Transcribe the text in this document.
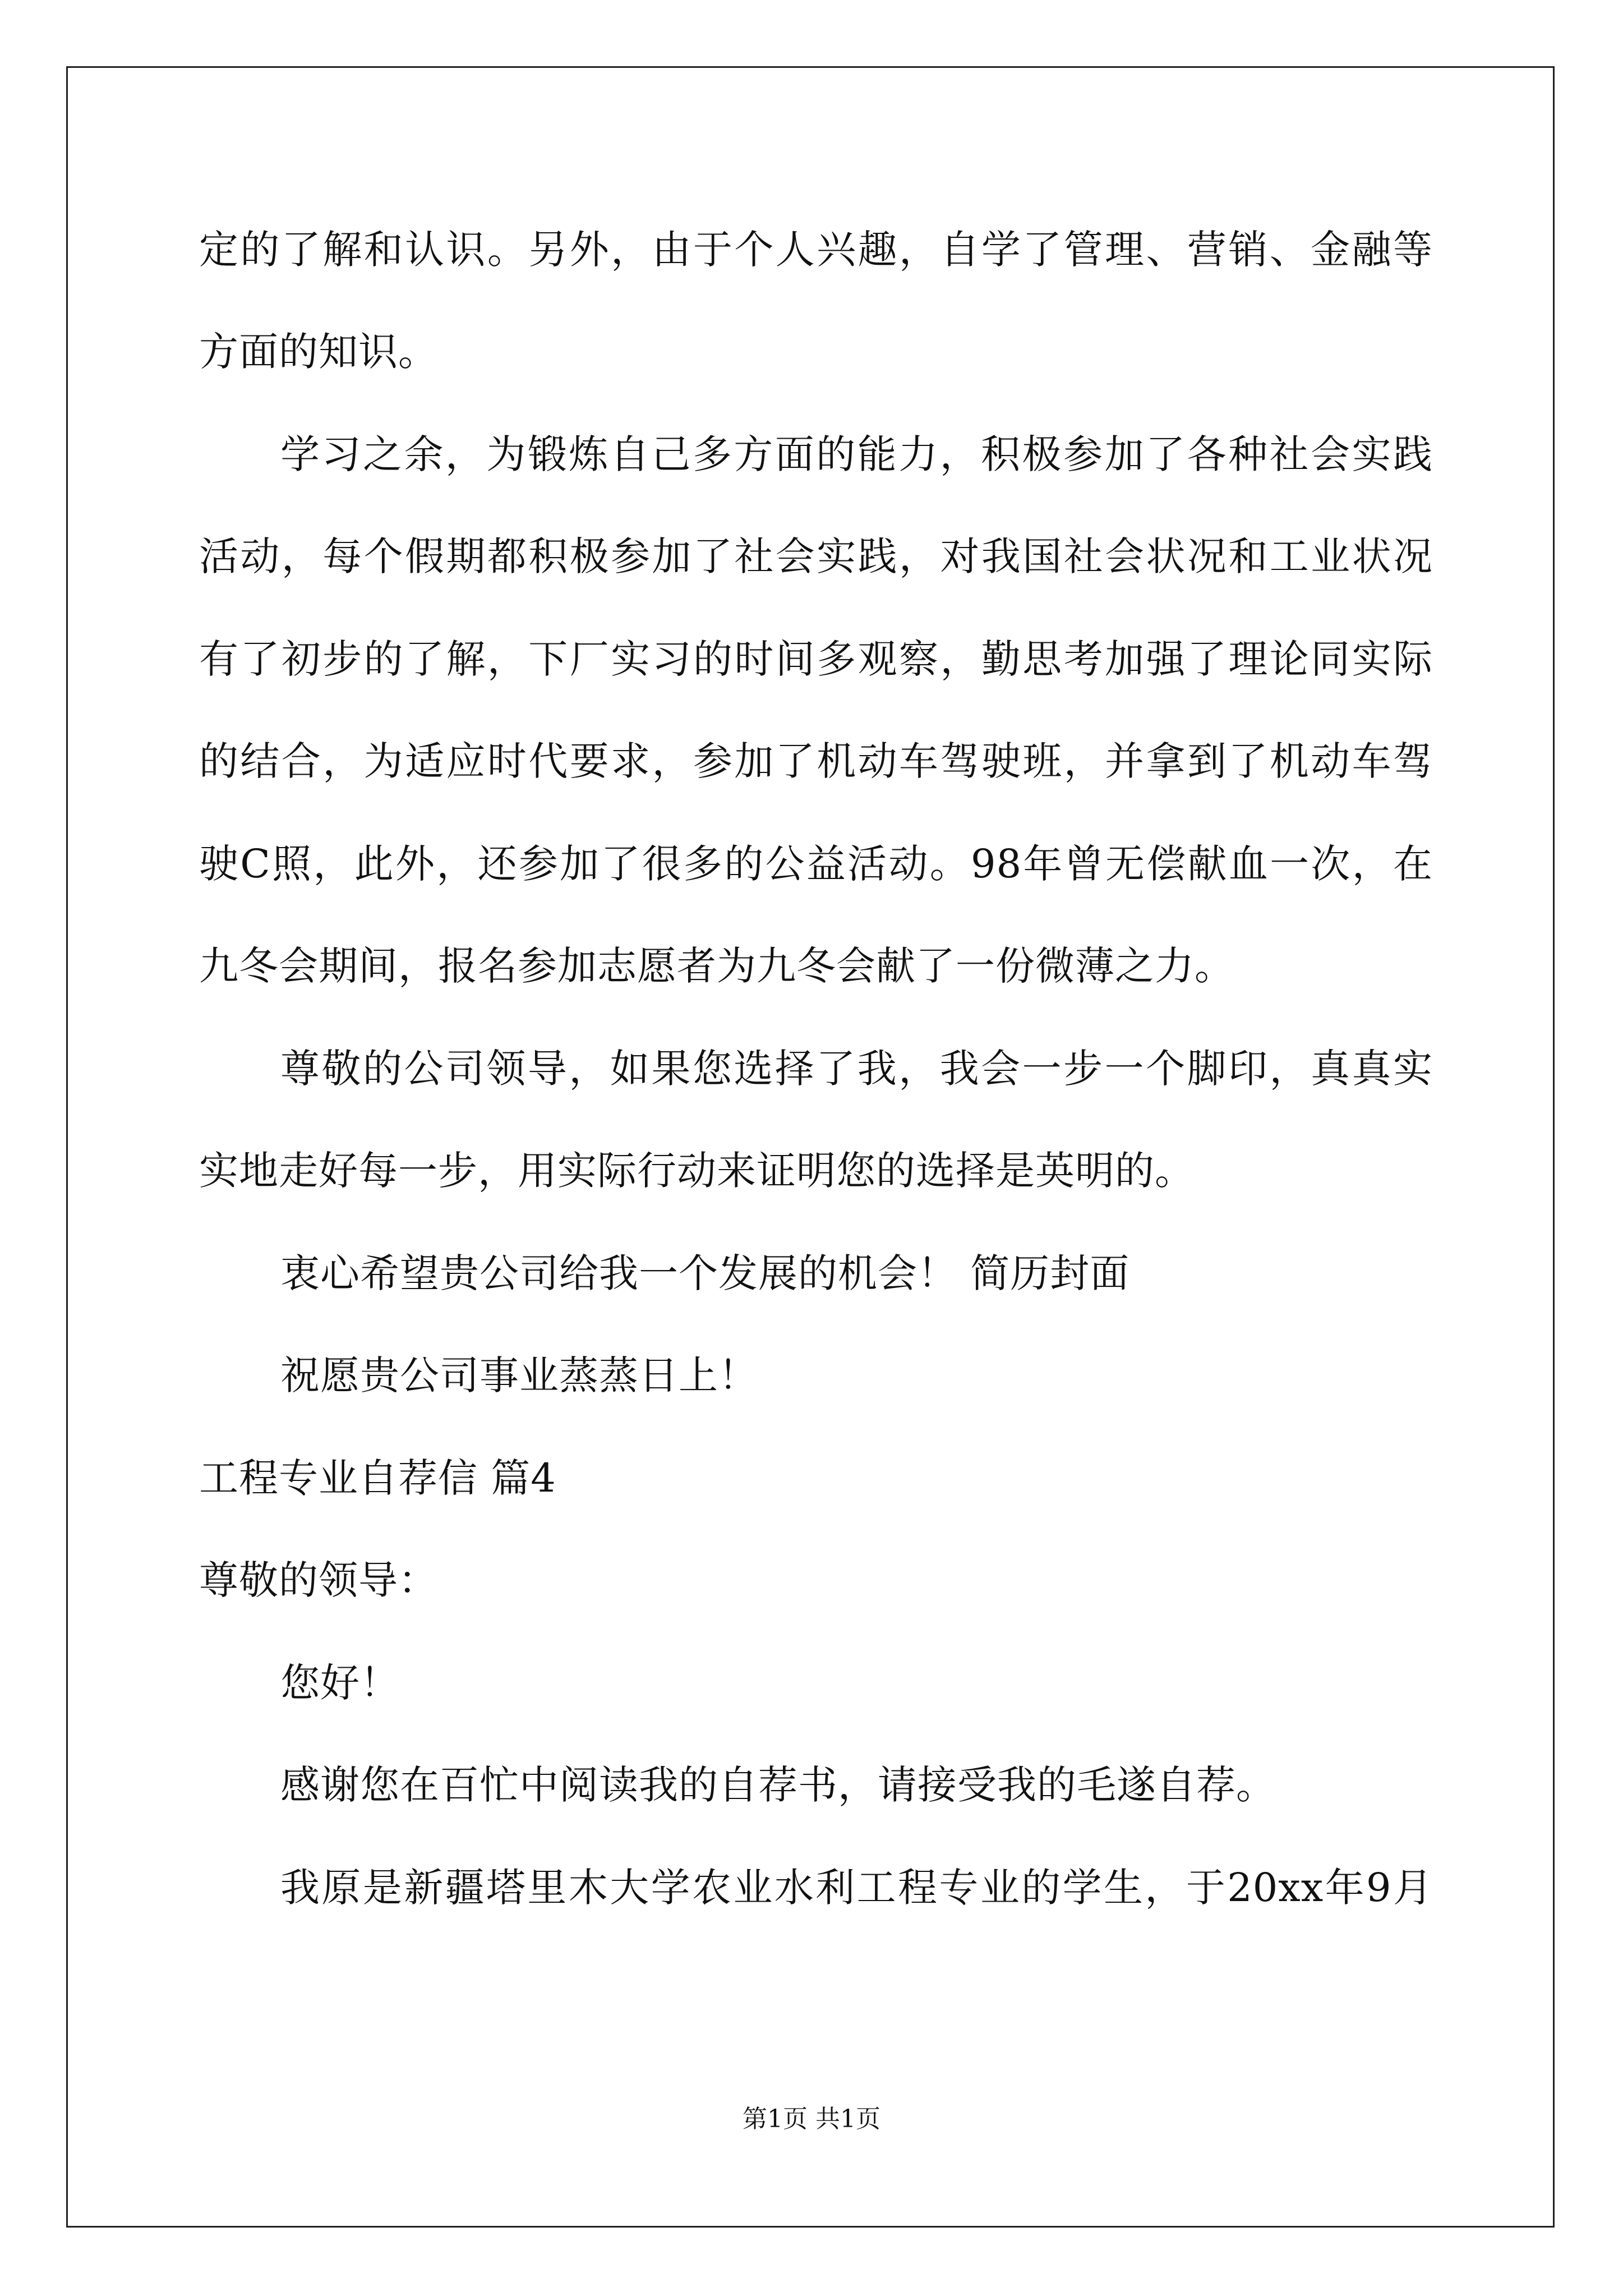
定的了解和认识。另外，由于个人兴趣，自学了管理、营销、金融等
方面的知识。
学习之余，为锻炼自己多方面的能力，积极参加了各种社会实践
活动，每个假期都积极参加了社会实践，对我国社会状况和工业状况
有了初步的了解，下厂实习的时间多观察，勤思考加强了理论同实际
的结合，为适应时代要求，参加了机动车驾驶班，并拿到了机动车驾
驶C照，此外，还参加了很多的公益活动。98年曾无偿献血一次，在
九冬会期间，报名参加志愿者为九冬会献了一份微薄之力。
尊敬的公司领导，如果您选择了我，我会一步一个脚印，真真实
实地走好每一步，用实际行动来证明您的选择是英明的。
衷心希望贵公司给我一个发展的机会！ 简历封面
祝愿贵公司事业蒸蒸日上！
工程专业自荐信 篇4
尊敬的领导：
您好！
感谢您在百忙中阅读我的自荐书，请接受我的毛遂自荐。
我原是新疆塔里木大学农业水利工程专业的学生，于20xx年9月
第1页 共1页
